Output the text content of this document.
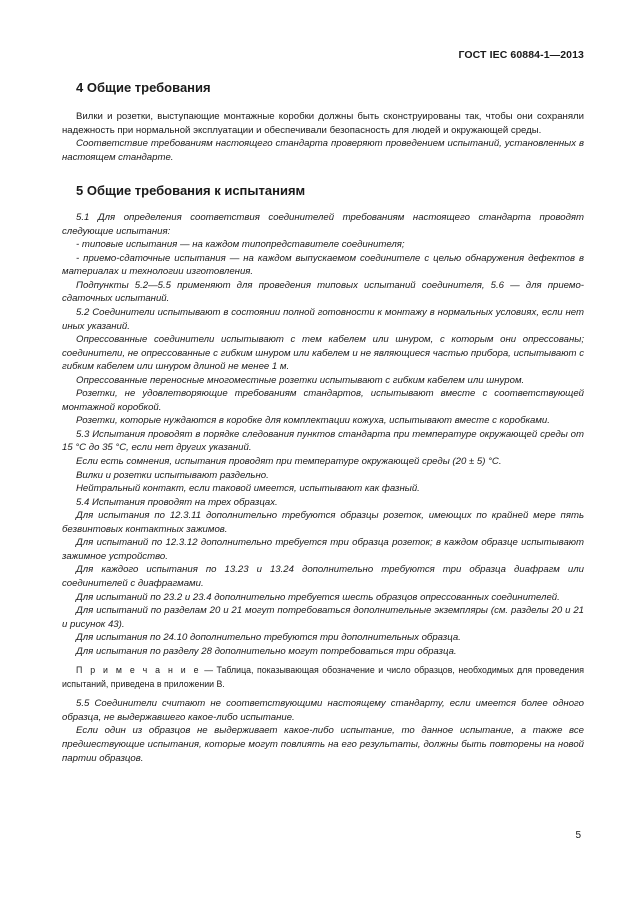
ГОСТ IEC 60884-1—2013
4 Общие требования

Вилки и розетки, выступающие монтажные коробки должны быть сконструированы так, чтобы они сохраняли надежность при нормальной эксплуатации и обеспечивали безопасность для людей и окружающей среды.

Соответствие требованиям настоящего стандарта проверяют проведением испытаний, установленных в настоящем стандарте.

5 Общие требования к испытаниям

5.1 Для определения соответствия соединителей требованиям настоящего стандарта проводят следующие испытания:

- типовые испытания — на каждом типопредставителе соединителя;

- приемо-сдаточные испытания — на каждом выпускаемом соединителе с целью обнаружения дефектов в материалах и технологии изготовления.

Подпункты 5.2—5.5 применяют для проведения типовых испытаний соединителя, 5.6 — для приемо-сдаточных испытаний.

5.2 Соединители испытывают в состоянии полной готовности к монтажу в нормальных условиях, если нет иных указаний.

Опрессованные соединители испытывают с тем кабелем или шнуром, с которым они опрессованы; соединители, не опрессованные с гибким шнуром или кабелем и не являющиеся частью прибора, испытывают с гибким кабелем или шнуром длиной не менее 1 м.

Опрессованные переносные многоместные розетки испытывают с гибким кабелем или шнуром.

Розетки, не удовлетворяющие требованиям стандартов, испытывают вместе с соответствующей монтажной коробкой.

Розетки, которые нуждаются в коробке для комплектации кожуха, испытывают вместе с коробками.

5.3 Испытания проводят в порядке следования пунктов стандарта при температуре окружающей среды от 15 °С до 35 °С, если нет других указаний.

Если есть сомнения, испытания проводят при температуре окружающей среды (20 ± 5) °С.

Вилки и розетки испытывают раздельно.

Нейтральный контакт, если таковой имеется, испытывают как фазный.

5.4 Испытания проводят на трех образцах.

Для испытания по 12.3.11 дополнительно требуются образцы розеток, имеющих по крайней мере пять безвинтовых контактных зажимов.

Для испытаний по 12.3.12 дополнительно требуется три образца розеток; в каждом образце испытывают зажимное устройство.

Для каждого испытания по 13.23 и 13.24 дополнительно требуются три образца диафрагм или соединителей с диафрагмами.

Для испытаний по 23.2 и 23.4 дополнительно требуется шесть образцов опрессованных соединителей.

Для испытаний по разделам 20 и 21 могут потребоваться дополнительные экземпляры (см. разделы 20 и 21 и рисунок 43).

Для испытания по 24.10 дополнительно требуются три дополнительных образца.

Для испытания по разделу 28 дополнительно могут потребоваться три образца.

П р и м е ч а н и е — Таблица, показывающая обозначение и число образцов, необходимых для проведения испытаний, приведена в приложении В.

5.5 Соединители считают не соответствующими настоящему стандарту, если имеется более одного образца, не выдержавшего какое-либо испытание.

Если один из образцов не выдерживает какое-либо испытание, то данное испытание, а также все предшествующие испытания, которые могут повлиять на его результаты, должны быть повторены на новой партии образцов.

5
